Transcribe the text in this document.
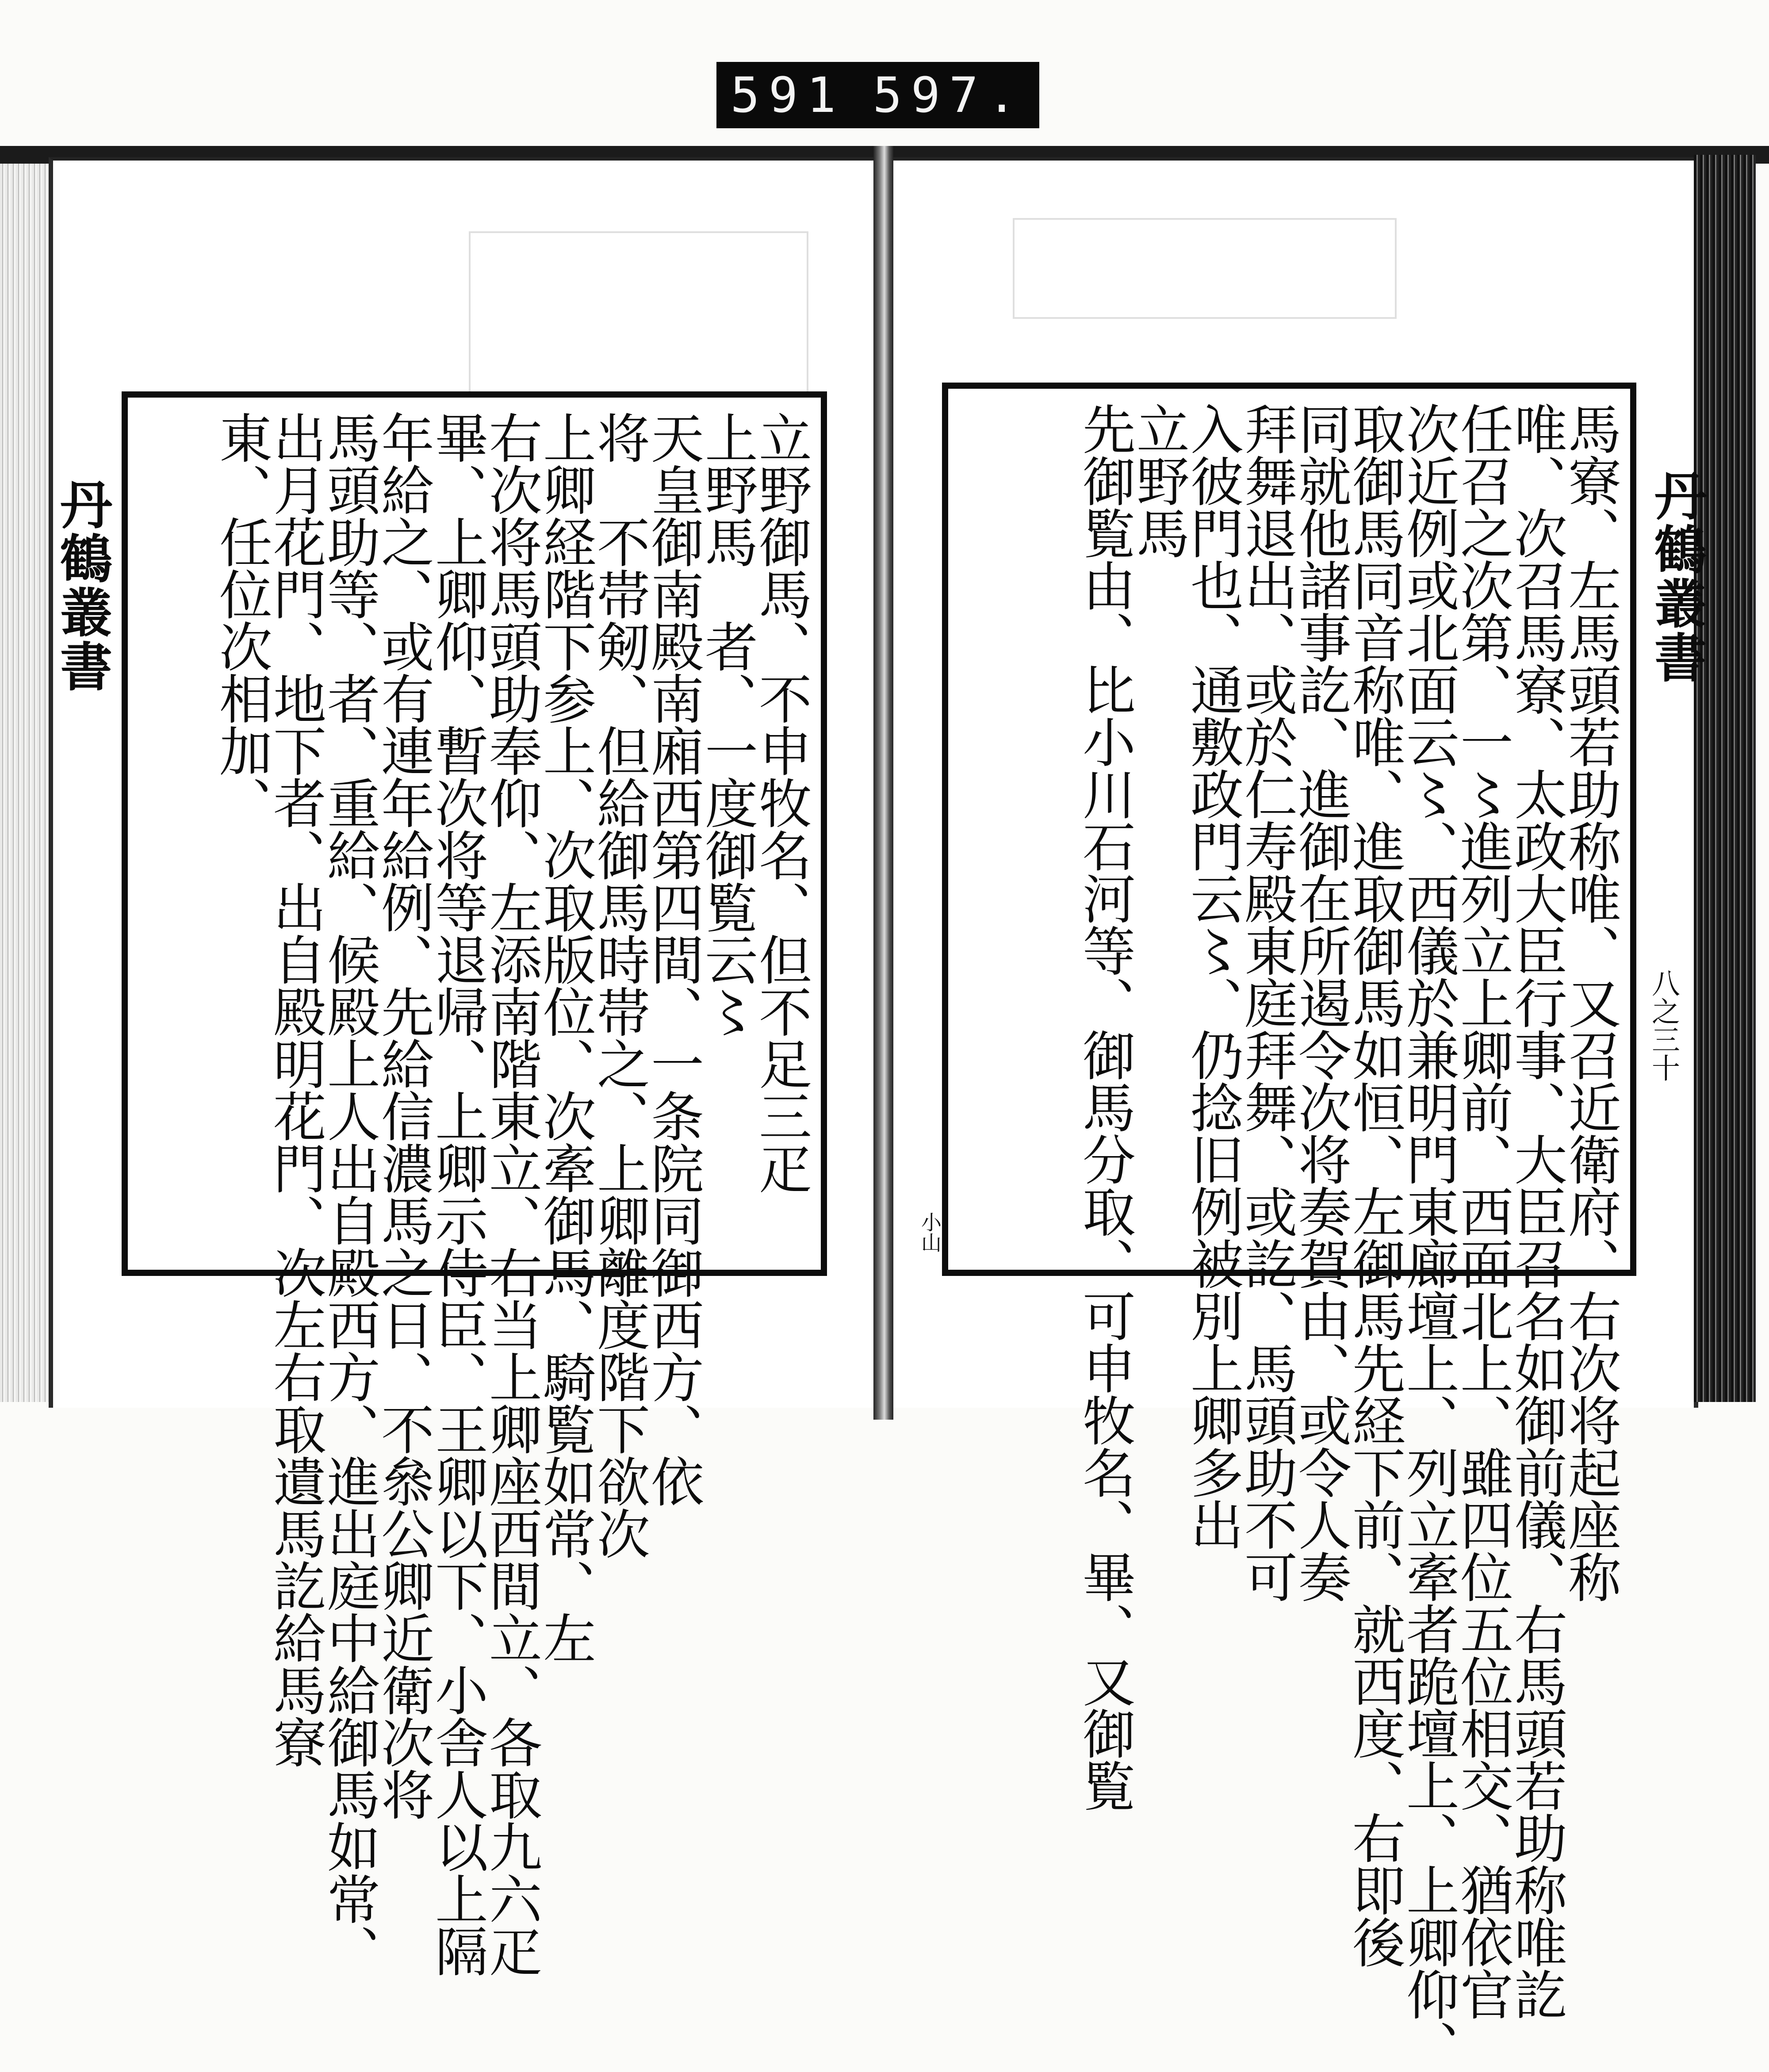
591 597.
丹鶴叢書	丹鶴叢書
八之三十
小山
立野御馬、不申牧名、但不足三疋
上野馬　者、一度御覧云〻
天皇御南殿南廂西第四間、一条院同御西方、依
将　不帯剱、但給御馬時帯之、上卿離度階下欲次
上卿経階下参上、次取版位、次牽御馬、騎覧如常、左
右次将馬頭助奉仰、左添南階東立、右当上卿座西間立、各取九六疋
畢、上卿仰、暫次将等退帰、上卿示侍臣、王卿以下、小舎人以上隔
年給之、或有連年給例、先給信濃馬之日、不叅公卿近衛次将
馬頭助等、者、重給、候殿上人出自殿西方、進出庭中給御馬如常、
出月花門、地下者、出自殿明花門、次左右取遺馬訖給馬寮
東、任位次相加、	馬寮、左馬頭若助称唯、又召近衛府、右次将起座称
唯、次召馬寮、太政大臣行事、大臣召名如御前儀、右馬頭若助称唯訖
任召之次第、一〻進列立上卿前、西面北上、雖四位五位相交、猶依官
次近例或北面云〻、西儀於兼明門東廊壇上、列立牽者跪壇上、上卿仰、
取御馬同音称唯、進取御馬如恒、左御馬先経下前、就西度、右即後
同就他諸事訖、進御在所遏令次将奏賀由、或令人奏
拜舞退出、或於仁寿殿東庭拜舞、或訖、馬頭助不可
入彼門也、通敷政門云〻、仍捻旧例被別上卿多出
立野馬
先御覧由、比小川石河等、御馬分取、可申牧名、畢、又御覧
